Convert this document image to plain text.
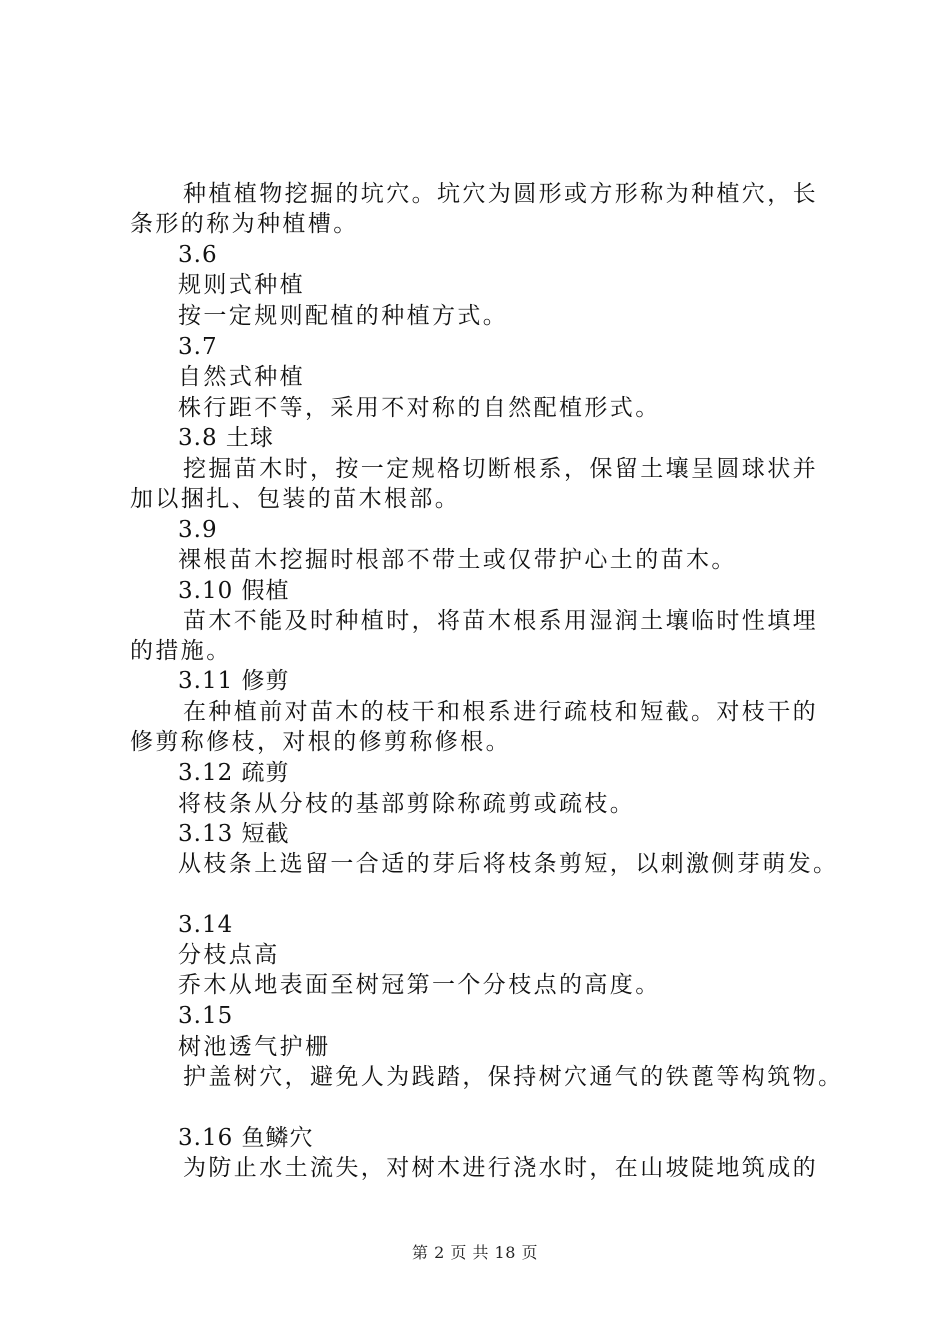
种植植物挖掘的坑穴。坑穴为圆形或方形称为种植穴，长
条形的称为种植槽。
3.6
规则式种植
按一定规则配植的种植方式。
3.7
自然式种植
株行距不等，采用不对称的自然配植形式。
3.8 土球
挖掘苗木时，按一定规格切断根系，保留土壤呈圆球状并
加以捆扎、包装的苗木根部。
3.9
裸根苗木挖掘时根部不带土或仅带护心土的苗木。
3.10 假植
苗木不能及时种植时，将苗木根系用湿润土壤临时性填埋
的措施。
3.11 修剪
在种植前对苗木的枝干和根系进行疏枝和短截。对枝干的
修剪称修枝，对根的修剪称修根。
3.12 疏剪
将枝条从分枝的基部剪除称疏剪或疏枝。
3.13 短截
从枝条上选留一合适的芽后将枝条剪短，以刺激侧芽萌发。
3.14
分枝点高
乔木从地表面至树冠第一个分枝点的高度。
3.15
树池透气护栅
护盖树穴，避免人为践踏，保持树穴通气的铁蓖等构筑物。
3.16 鱼鳞穴
为防止水土流失，对树木进行浇水时，在山坡陡地筑成的
第 2 页 共 18 页
